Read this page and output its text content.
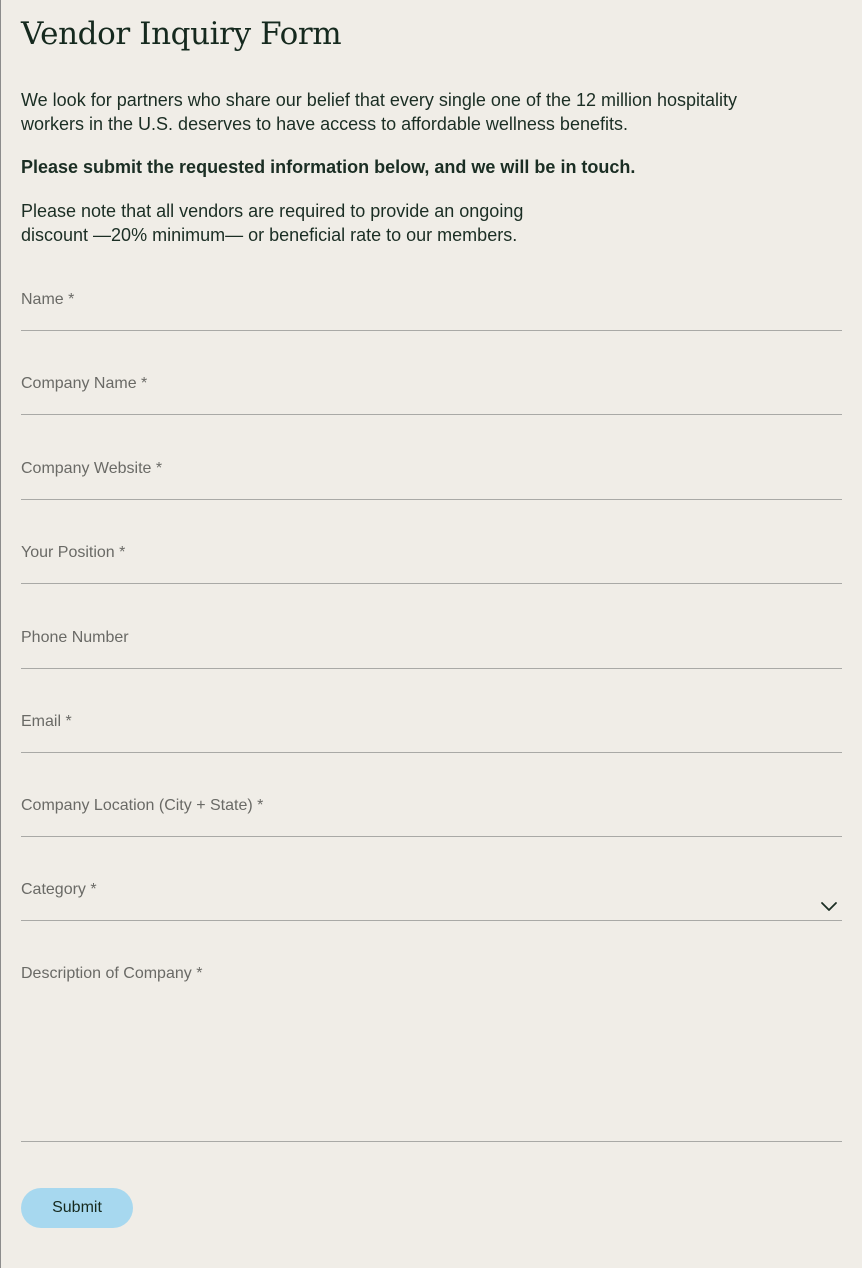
Vendor Inquiry Form

We look for partners who share our belief that every single one of the 12 million hospitality workers in the U.S. deserves to have access to affordable wellness benefits.

Please submit the requested information below, and we will be in touch.

Please note that all vendors are required to provide an ongoing discount —20% minimum— or beneficial rate to our members.

Name *
Company Name *
Company Website *
Your Position *
Phone Number
Email *
Company Location (City + State) *
Category *
Description of Company *
Submit
